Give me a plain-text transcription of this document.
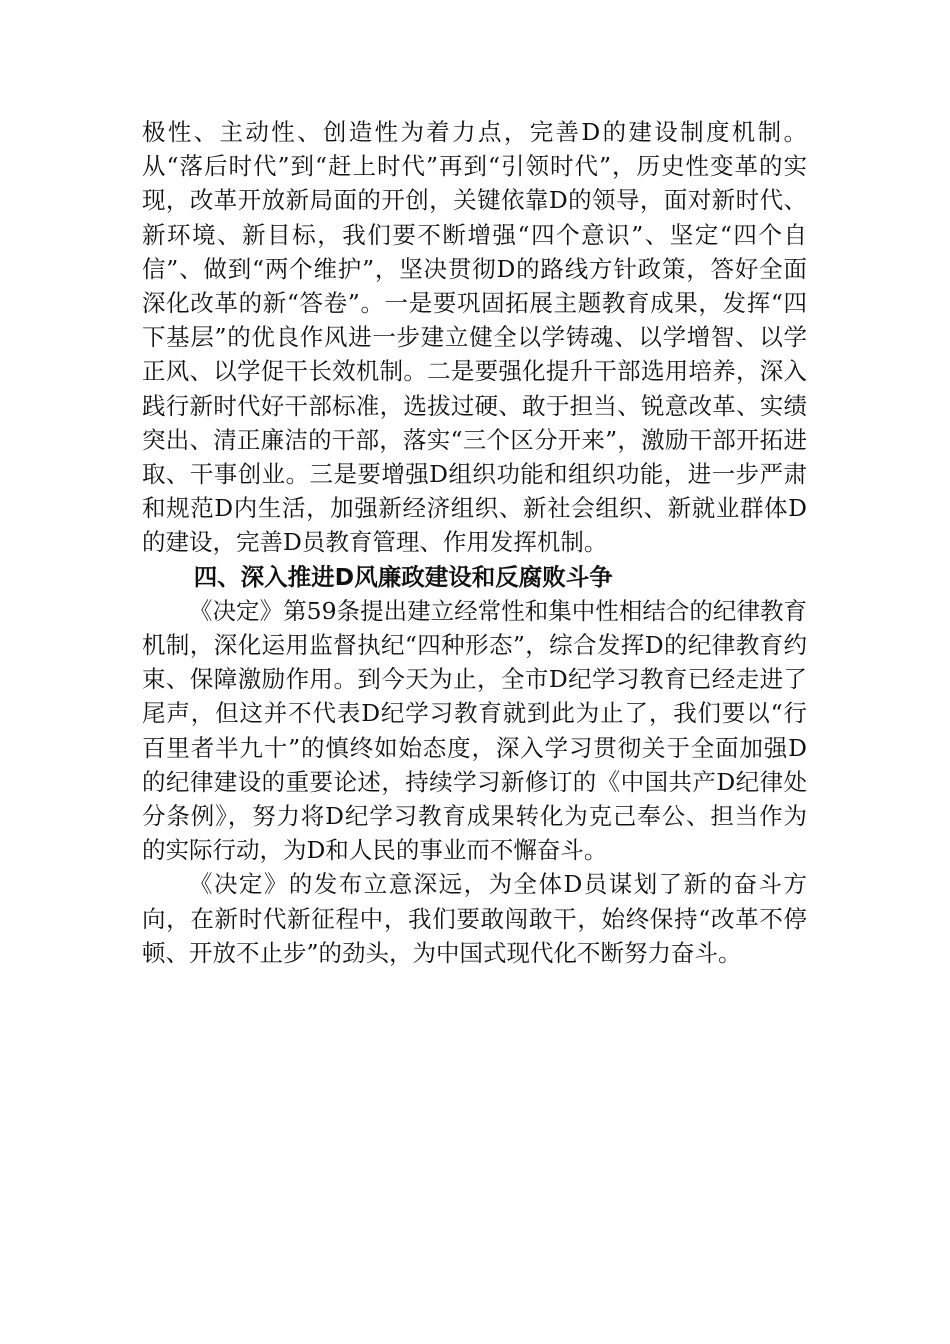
极性、主动性、创造性为着力点，完善D的建设制度机制。从“落后时代”到“赶上时代”再到“引领时代”，历史性变革的实现，改革开放新局面的开创，关键依靠D的领导，面对新时代、新环境、新目标，我们要不断增强“四个意识”、坚定“四个自信”、做到“两个维护”，坚决贯彻D的路线方针政策，答好全面深化改革的新“答卷”。一是要巩固拓展主题教育成果，发挥“四下基层”的优良作风进一步建立健全以学铸魂、以学增智、以学正风、以学促干长效机制。二是要强化提升干部选用培养，深入践行新时代好干部标准，选拔过硬、敢于担当、锐意改革、实绩突出、清正廉洁的干部，落实“三个区分开来”，激励干部开拓进取、干事创业。三是要增强D组织功能和组织功能，进一步严肃和规范D内生活，加强新经济组织、新社会组织、新就业群体D的建设，完善D员教育管理、作用发挥机制。

四、深入推进D风廉政建设和反腐败斗争

《决定》第59条提出建立经常性和集中性相结合的纪律教育机制，深化运用监督执纪“四种形态”，综合发挥D的纪律教育约束、保障激励作用。到今天为止，全市D纪学习教育已经走进了尾声，但这并不代表D纪学习教育就到此为止了，我们要以“行百里者半九十”的慎终如始态度，深入学习贯彻关于全面加强D的纪律建设的重要论述，持续学习新修订的《中国共产D纪律处分条例》，努力将D纪学习教育成果转化为克己奉公、担当作为的实际行动，为D和人民的事业而不懈奋斗。

《决定》的发布立意深远，为全体D员谋划了新的奋斗方向，在新时代新征程中，我们要敢闯敢干，始终保持“改革不停顿、开放不止步”的劲头，为中国式现代化不断努力奋斗。
